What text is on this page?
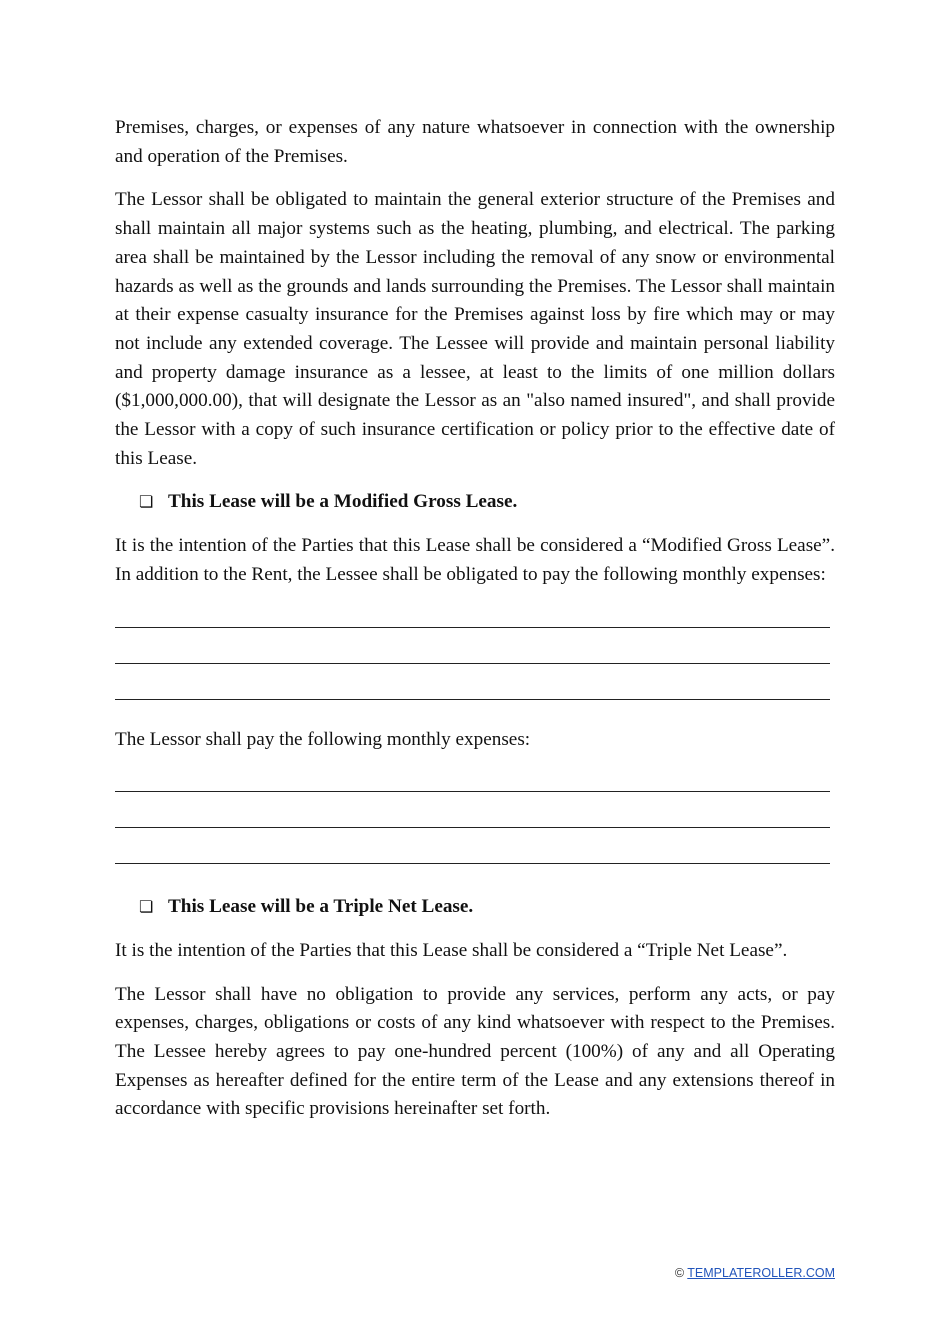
Premises, charges, or expenses of any nature whatsoever in connection with the ownership and operation of the Premises.

The Lessor shall be obligated to maintain the general exterior structure of the Premises and shall maintain all major systems such as the heating, plumbing, and electrical. The parking area shall be maintained by the Lessor including the removal of any snow or environmental hazards as well as the grounds and lands surrounding the Premises. The Lessor shall maintain at their expense casualty insurance for the Premises against loss by fire which may or may not include any extended coverage. The Lessee will provide and maintain personal liability and property damage insurance as a lessee, at least to the limits of one million dollars ($1,000,000.00), that will designate the Lessor as an "also named insured", and shall provide the Lessor with a copy of such insurance certification or policy prior to the effective date of this Lease.

❏ This Lease will be a Modified Gross Lease.

It is the intention of the Parties that this Lease shall be considered a “Modified Gross Lease”. In addition to the Rent, the Lessee shall be obligated to pay the following monthly expenses:

The Lessor shall pay the following monthly expenses:

❏ This Lease will be a Triple Net Lease.

It is the intention of the Parties that this Lease shall be considered a “Triple Net Lease”.

The Lessor shall have no obligation to provide any services, perform any acts, or pay expenses, charges, obligations or costs of any kind whatsoever with respect to the Premises. The Lessee hereby agrees to pay one-hundred percent (100%) of any and all Operating Expenses as hereafter defined for the entire term of the Lease and any extensions thereof in accordance with specific provisions hereinafter set forth.

© TEMPLATEROLLER.COM
